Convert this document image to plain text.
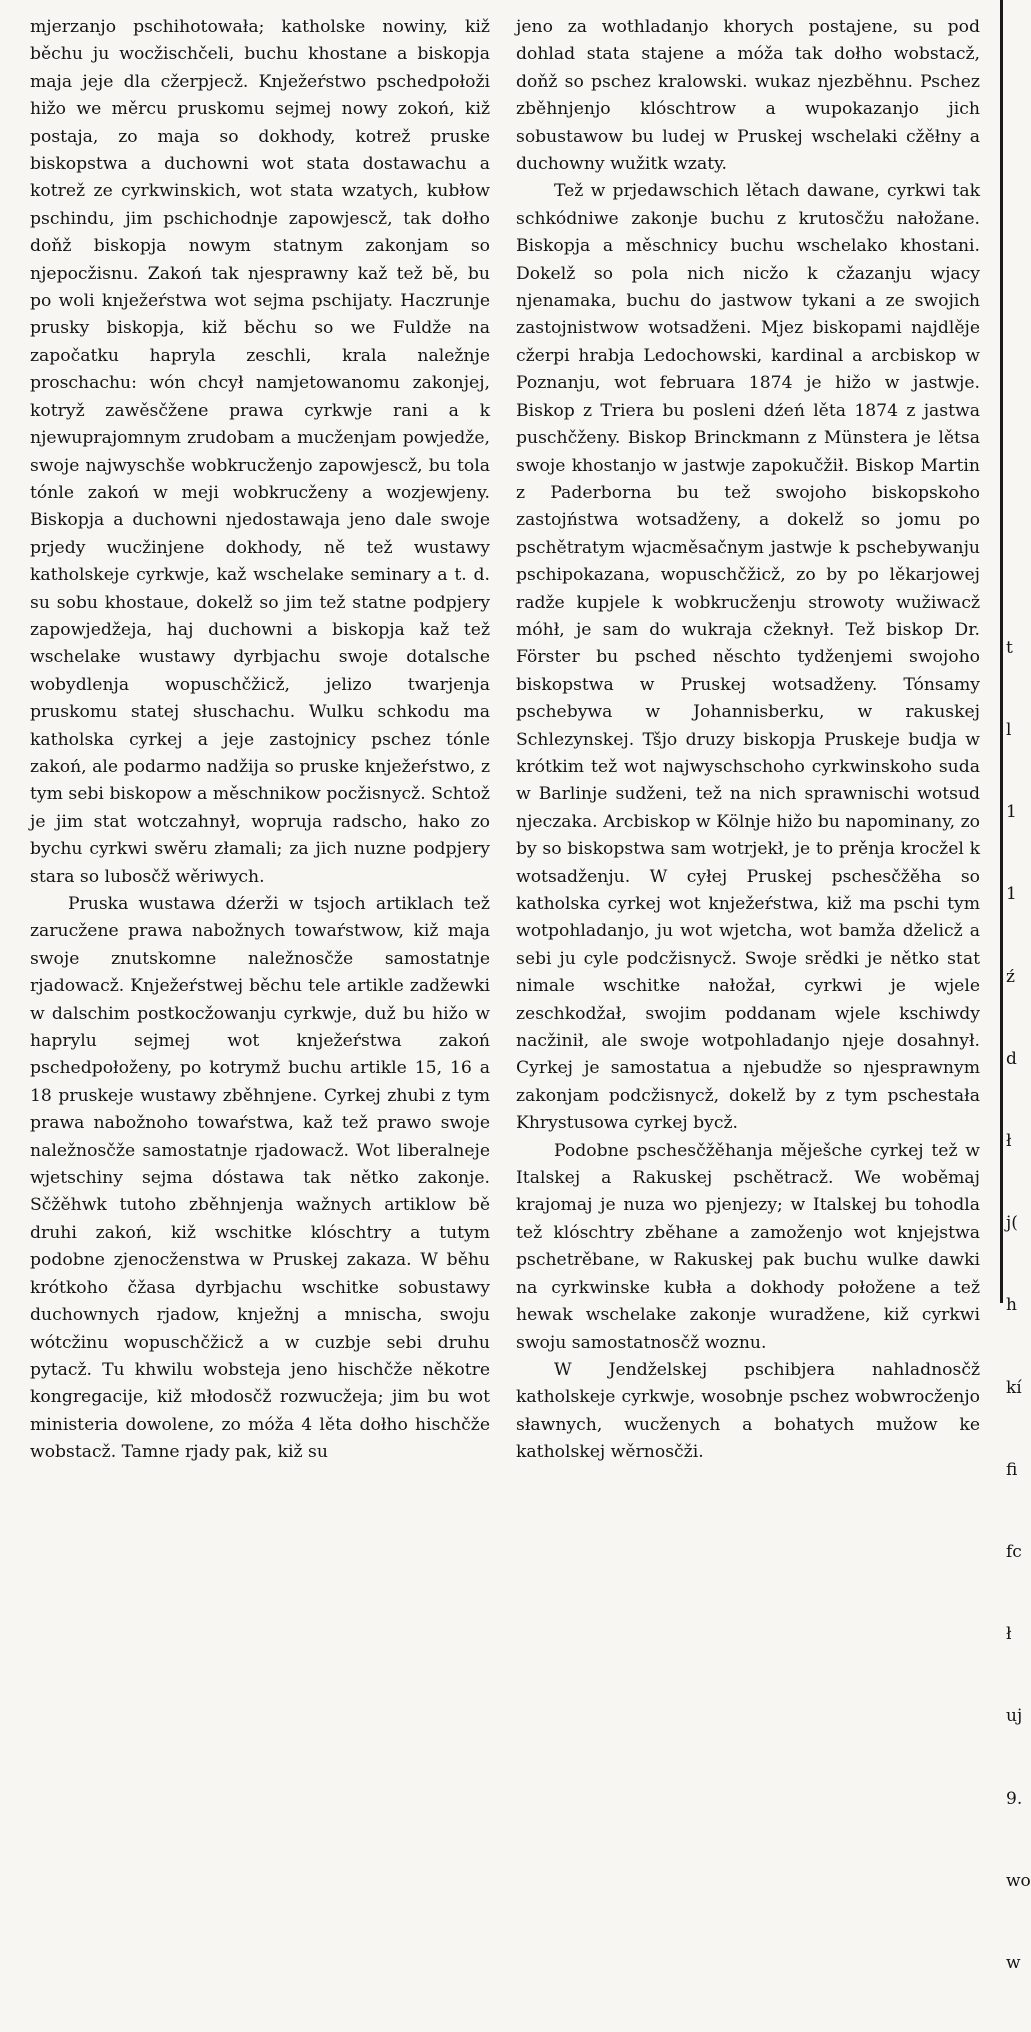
mjerzanjo pschihotowała; katholske nowiny, kiž běchu ju wocžischčeli, buchu khostane a biskopja maja jeje dla cžerpjecž. Knježeŕstwo pschedpołoži hižo we měrcu pruskomu sejmej nowy zokoń, kiž postaja, zo maja so dokhody, kotrež pruske biskopstwa a duchowni wot stata dostawachu a kotrež ze cyrkwinskich, wot stata wzatych, kubłow pschindu, jim pschichodnje zapowjescž, tak dołho doňž biskopja nowym statnym zakonjam so njepocžisnu. Zakoń tak njesprawny kaž tež bě, bu po woli knježeŕstwa wot sejma pschijaty. Haczrunje prusky biskopja, kiž běchu so we Fuldže na započatku hapryla zeschli, krala naležnje proschachu: wón chcył namjetowanomu zakonjej, kotryž zawěsčžene prawa cyrkwje rani a k njewuprajomnym zrudobam a mucženjam powjedže, swoje najwyschše wobkrucženjo zapowjescž, bu tola tónle zakoń w meji wobkrucženy a wozjewjeny. Biskopja a duchowni njedostawaja jeno dale swoje prjedy wucžinjene dokhody, ně tež wustawy katholskeje cyrkwje, kaž wschelake seminary a t. d. su sobu khostaue, dokelž so jim tež statne podpjery zapowjedžeja, haj duchowni a biskopja kaž tež wschelake wustawy dyrbjachu swoje dotalsche wobydlenja wopuschčžicž, jelizo twarjenja pruskomu statej słuschachu. Wulku schkodu ma katholska cyrkej a jeje zastojnicy pschez tónle zakoń, ale podarmo nadžija so pruske knježeŕstwo, z tym sebi biskopow a měschnikow pocžisnycž. Schtož je jim stat wotczahnył, wopruja radscho, hako zo bychu cyrkwi swěru złamali; za jich nuzne podpjery stara so lubosčž wěriwych.

Pruska wustawa dźerži w tsjoch artiklach tež zarucžene prawa nabožnych towaŕstwow, kiž maja swoje znutskomne naležnosčže samostatnje rjadowacž. Knježeŕstwej běchu tele artikle zadžewki w dalschim postkocžowanju cyrkwje, duž bu hižo w haprylu sejmej wot knježeŕstwa zakoń pschedpołoženy, po kotrymž buchu artikle 15, 16 a 18 pruskeje wustawy zběhnjene. Cyrkej zhubi z tym prawa nabožnoho towaŕstwa, kaž tež prawo swoje naležnosčže samostatnje rjadowacž. Wot liberalneje wjetschiny sejma dóstawa tak nětko zakonje. Sčžěhwk tutoho zběhnjenja wažnych artiklow bě druhi zakoń, kiž wschitke klóschtry a tutym podobne zjenocženstwa w Pruskej zakaza. W běhu krótkoho čžasa dyrbjachu wschitke sobustawy duchownych rjadow, knježnj a mnischa, swoju wótcžinu wopuschčžicž a w cuzbje sebi druhu pytacž. Tu khwilu wobsteja jeno hischčže někotre kongregacije, kiž młodosčž rozwucžeja; jim bu wot ministeria dowolene, zo móža 4 lěta dołho hischčže wobstacž. Tamne rjady pak, kiž su

jeno za wothladanjo khorych postajene, su pod dohlad stata stajene a móža tak dołho wobstacž, doňž so pschez kralowski. wukaz njezběhnu. Pschez zběhnjenjo klóschtrow a wupokazanjo jich sobustawow bu ludej w Pruskej wschelaki cžěłny a duchowny wužitk wzaty.

Tež w prjedawschich lětach dawane, cyrkwi tak schkódniwe zakonje buchu z krutosčžu nałožane. Biskopja a měschnicy buchu wschelako khostani. Dokelž so pola nich nicžo k cžazanju wjacy njenamaka, buchu do jastwow tykani a ze swojich zastojnistwow wotsadženi. Mjez biskopami najdlěje cžerpi hrabja Ledochowski, kardinal a arcbiskop w Poznanju, wot februara 1874 je hižo w jastwje. Biskop z Triera bu posleni dźeń lěta 1874 z jastwa puschčženy. Biskop Brinckmann z Münstera je lětsa swoje khostanjo w jastwje zapokučžił. Biskop Martin z Paderborna bu tež swojoho biskopskoho zastojństwa wotsadženy, a dokelž so jomu po pschětratym wjacměsačnym jastwje k pschebywanju pschipokazana, wopuschčžicž, zo by po lěkarjowej radže kupjele k wobkrucženju strowoty wužiwacž móhł, je sam do wukraja cžeknył. Tež biskop Dr. Förster bu psched něschto tydženjemi swojoho biskopstwa w Pruskej wotsadženy. Tónsamy pschebywa w Johannisberku, w rakuskej Schlezynskej. Tšjo druzy biskopja Pruskeje budja w krótkim tež wot najwyschschoho cyrkwinskoho suda w Barlinje sudženi, tež na nich sprawnischi wotsud njeczaka. Arcbiskop w Kölnje hižo bu napominany, zo by so biskopstwa sam wotrjekł, je to prěnja krocžel k wotsadženju. W cyłej Pruskej pschesčžěha so katholska cyrkej wot knježeŕstwa, kiž ma pschi tym wotpohladanjo, ju wot wjetcha, wot bamža dželicž a sebi ju cyle podcžisnycž. Swoje srědki je nětko stat nimale wschitke nałožał, cyrkwi je wjele zeschkodžał, swojim poddanam wjele kschiwdy nacžinił, ale swoje wotpohladanjo njeje dosahnył. Cyrkej je samostatua a njebudže so njesprawnym zakonjam podcžisnycž, dokelž by z tym pschestała Khrystusowa cyrkej bycž.

Podobne pschesčžěhanja měješche cyrkej tež w Italskej a Rakuskej pschětracž. We woběmaj krajomaj je nuza wo pjenjezy; w Italskej bu tohodla tež klóschtry zběhane a zamoženjo wot knjejstwa pschetrěbane, w Rakuskej pak buchu wulke dawki na cyrkwinske kubła a dokhody połožene a tež hewak wschelake zakonje wuradžene, kiž cyrkwi swoju samostatnosčž woznu.

W Jendželskej pschibjera nahladnosčž katholskeje cyrkwje, wosobnje pschez wobwrocženjo sławnych, wucženych a bohatych mužow ke katholskej wěrnosčži.

t

l

1

1

ź

d

ł

j(

h

kí

fi

fc

ł

uj

9.

wo

w
